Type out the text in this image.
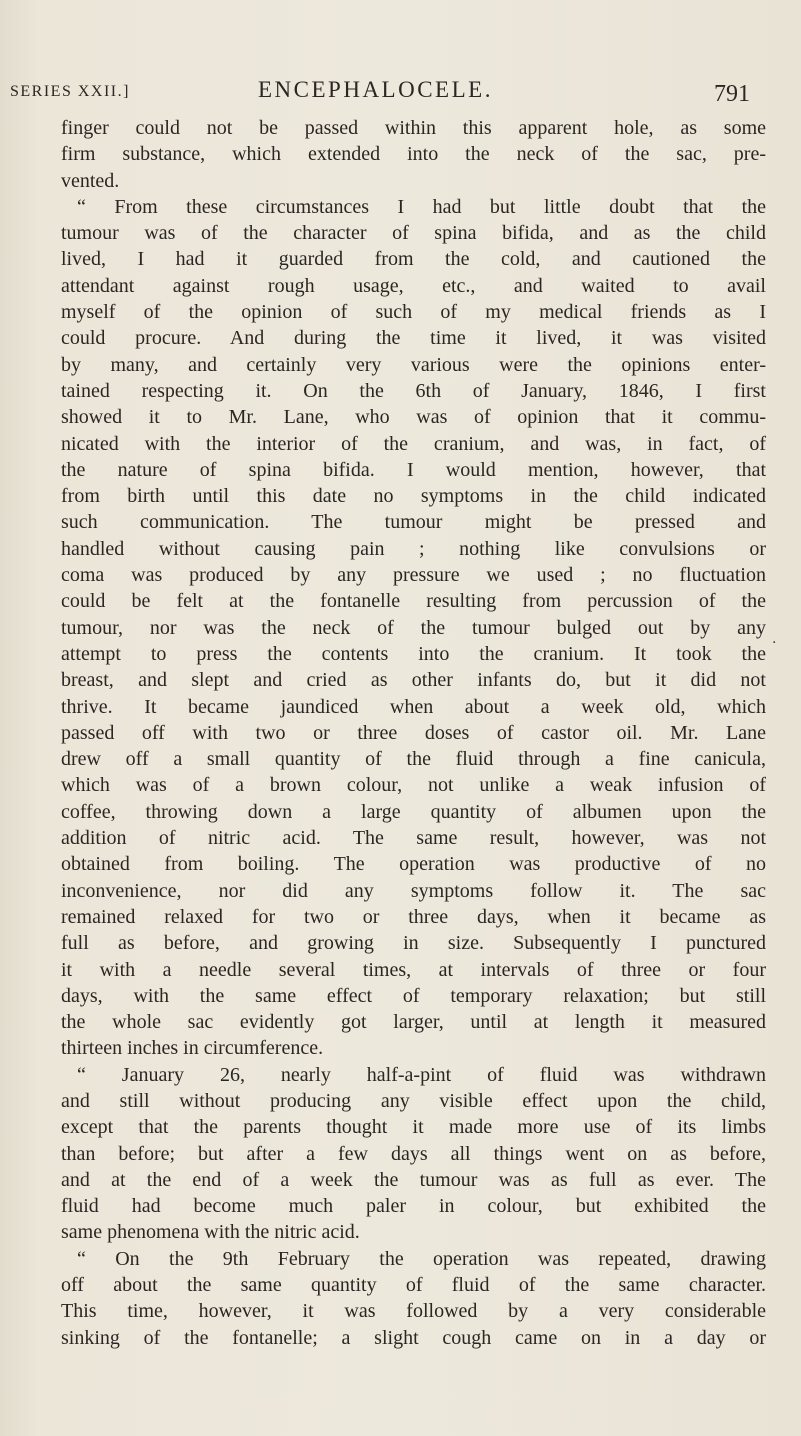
SERIES XXII.]	ENCEPHALOCELE.	791
finger could not be passed within this apparent hole, as some
firm substance, which extended into the neck of the sac, pre-
vented.
“ From these circumstances I had but little doubt that the
tumour was of the character of spina bifida, and as the child
lived, I had it guarded from the cold, and cautioned the
attendant against rough usage, etc., and waited to avail
myself of the opinion of such of my medical friends as I
could procure. And during the time it lived, it was visited
by many, and certainly very various were the opinions enter-
tained respecting it. On the 6th of January, 1846, I first
showed it to Mr. Lane, who was of opinion that it commu-
nicated with the interior of the cranium, and was, in fact, of
the nature of spina bifida. I would mention, however, that
from birth until this date no symptoms in the child indicated
such communication. The tumour might be pressed and
handled without causing pain ; nothing like convulsions or
coma was produced by any pressure we used ; no fluctuation
could be felt at the fontanelle resulting from percussion of the
tumour, nor was the neck of the tumour bulged out by any
attempt to press the contents into the cranium. It took the
breast, and slept and cried as other infants do, but it did not
thrive. It became jaundiced when about a week old, which
passed off with two or three doses of castor oil. Mr. Lane
drew off a small quantity of the fluid through a fine canicula,
which was of a brown colour, not unlike a weak infusion of
coffee, throwing down a large quantity of albumen upon the
addition of nitric acid. The same result, however, was not
obtained from boiling. The operation was productive of no
inconvenience, nor did any symptoms follow it. The sac
remained relaxed for two or three days, when it became as
full as before, and growing in size. Subsequently I punctured
it with a needle several times, at intervals of three or four
days, with the same effect of temporary relaxation; but still
the whole sac evidently got larger, until at length it measured
thirteen inches in circumference.
“ January 26, nearly half-a-pint of fluid was withdrawn
and still without producing any visible effect upon the child,
except that the parents thought it made more use of its limbs
than before; but after a few days all things went on as before,
and at the end of a week the tumour was as full as ever. The
fluid had become much paler in colour, but exhibited the
same phenomena with the nitric acid.
“ On the 9th February the operation was repeated, drawing
off about the same quantity of fluid of the same character.
This time, however, it was followed by a very considerable
sinking of the fontanelle; a slight cough came on in a day or
.
